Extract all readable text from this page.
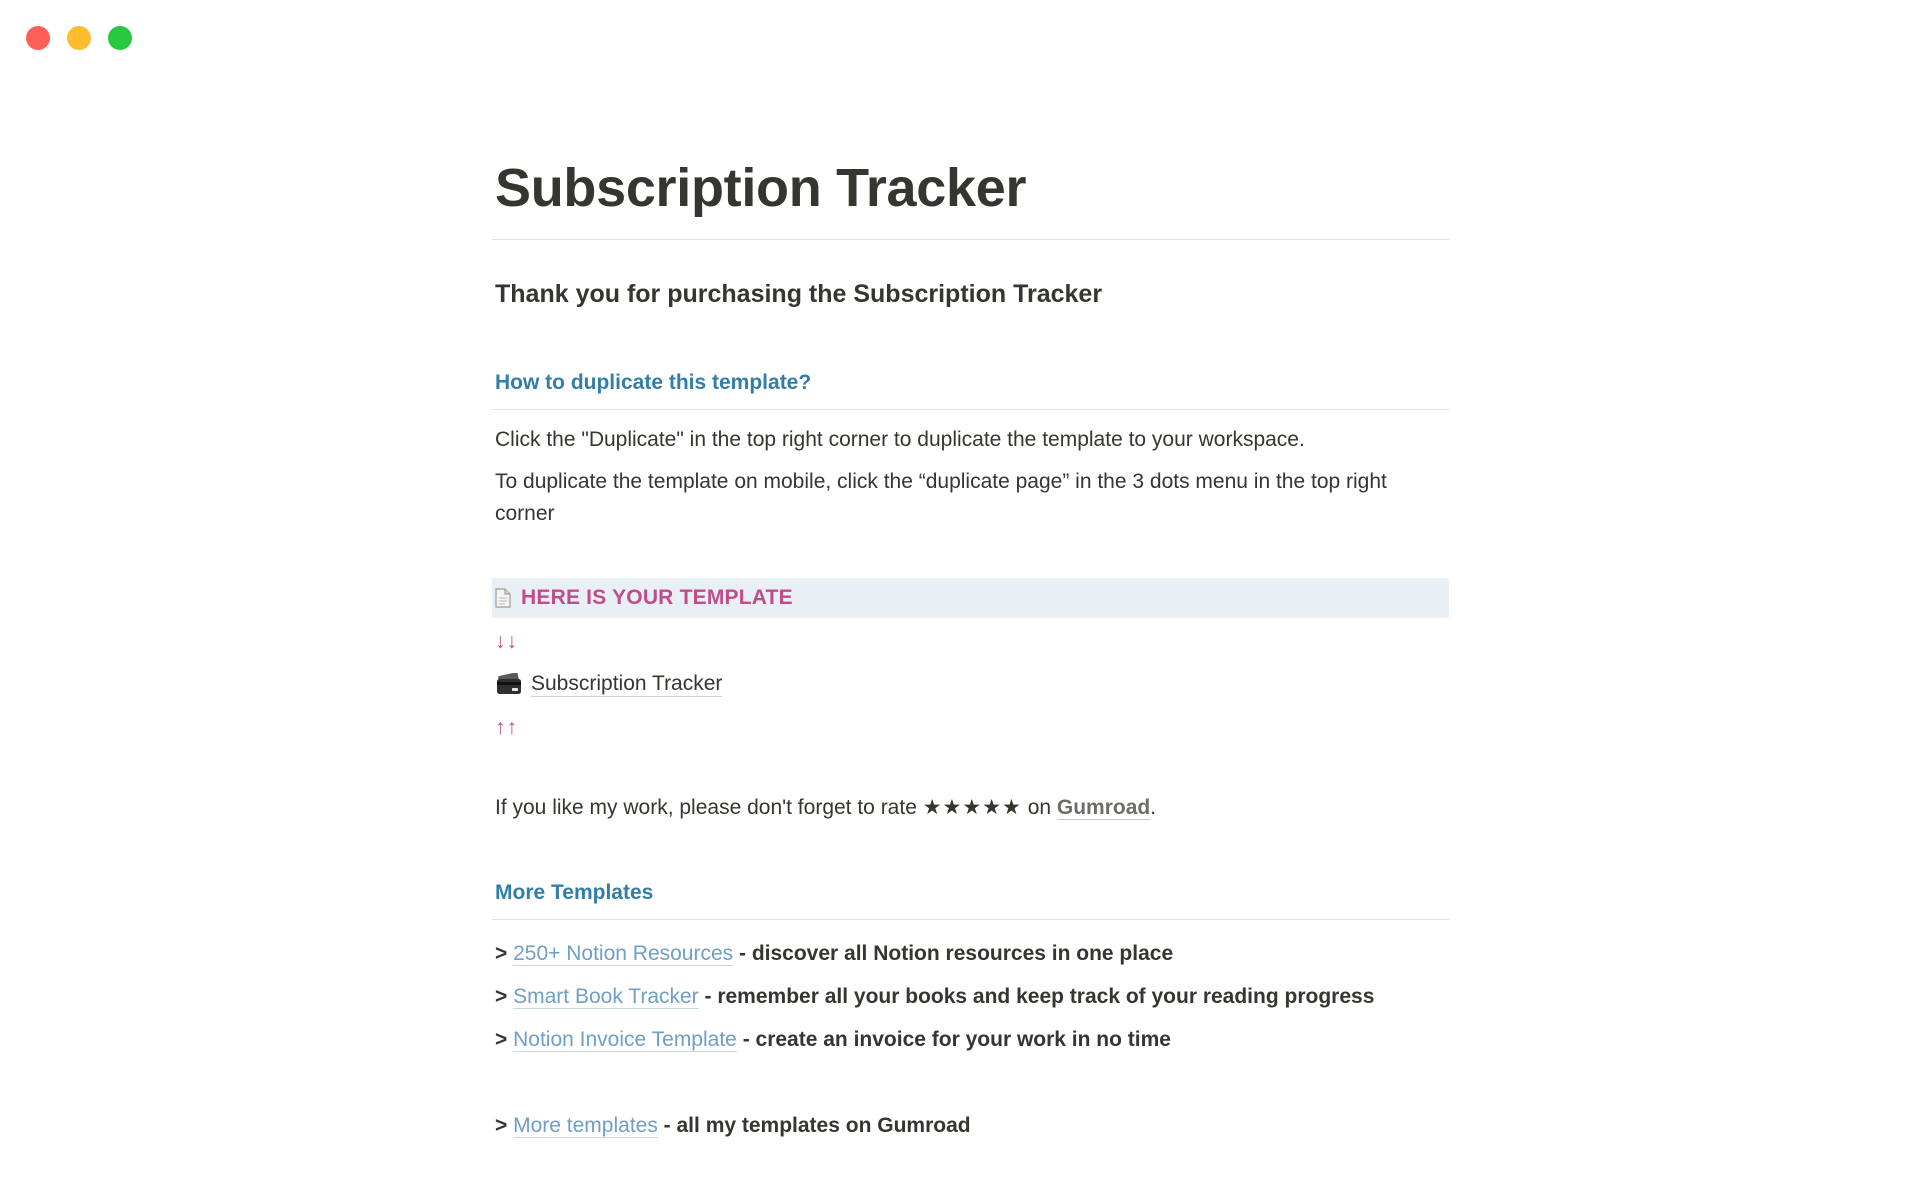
Subscription Tracker
Thank you for purchasing the Subscription Tracker
How to duplicate this template?
Click the "Duplicate" in the top right corner to duplicate the template to your workspace.
To duplicate the template on mobile, click the “duplicate page” in the 3 dots menu in the top right corner
HERE IS YOUR TEMPLATE
↓↓
Subscription Tracker
↑↑
If you like my work, please don't forget to rate ★★★★★ on Gumroad.
More Templates
> 250+ Notion Resources - discover all Notion resources in one place
> Smart Book Tracker - remember all your books and keep track of your reading progress
> Notion Invoice Template - create an invoice for your work in no time
> More templates - all my templates on Gumroad
